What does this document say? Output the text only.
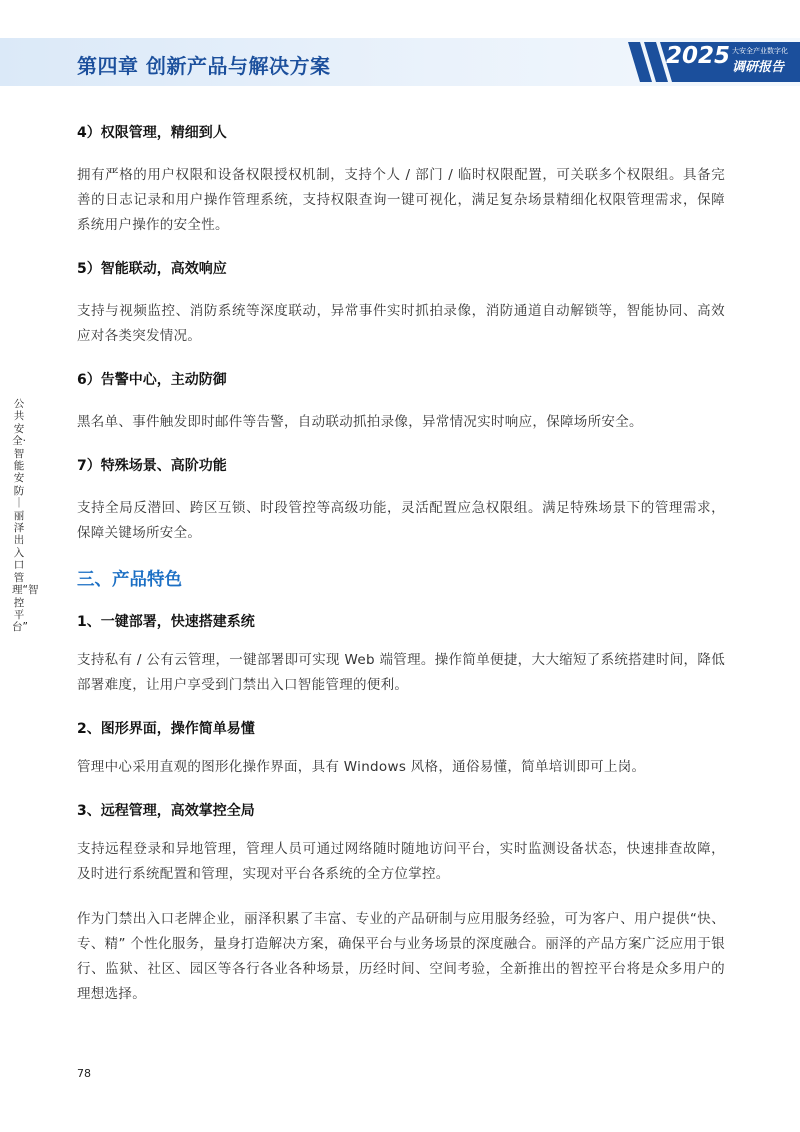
第四章 创新产品与解决方案	2025 大安全产业数字化
调研报告
公共安全·智能安防｜丽泽出入口管理“智控平台”
4）权限管理，精细到人
拥有严格的用户权限和设备权限授权机制，支持个人 / 部门 / 临时权限配置，可关联多个权限组。具备完善的日志记录和用户操作管理系统，支持权限查询一键可视化，满足复杂场景精细化权限管理需求，保障系统用户操作的安全性。
5）智能联动，高效响应
支持与视频监控、消防系统等深度联动，异常事件实时抓拍录像，消防通道自动解锁等，智能协同、高效应对各类突发情况。
6）告警中心，主动防御
黑名单、事件触发即时邮件等告警，自动联动抓拍录像，异常情况实时响应，保障场所安全。
7）特殊场景、高阶功能
支持全局反潜回、跨区互锁、时段管控等高级功能，灵活配置应急权限组。满足特殊场景下的管理需求，保障关键场所安全。
三、产品特色
1、一键部署，快速搭建系统
支持私有 / 公有云管理，一键部署即可实现 Web 端管理。操作简单便捷，大大缩短了系统搭建时间，降低部署难度，让用户享受到门禁出入口智能管理的便利。
2、图形界面，操作简单易懂
管理中心采用直观的图形化操作界面，具有 Windows 风格，通俗易懂，简单培训即可上岗。
3、远程管理，高效掌控全局
支持远程登录和异地管理，管理人员可通过网络随时随地访问平台，实时监测设备状态，快速排查故障，及时进行系统配置和管理，实现对平台各系统的全方位掌控。
作为门禁出入口老牌企业，丽泽积累了丰富、专业的产品研制与应用服务经验，可为客户、用户提供“快、专、精” 个性化服务，量身打造解决方案，确保平台与业务场景的深度融合。丽泽的产品方案广泛应用于银行、监狱、社区、园区等各行各业各种场景，历经时间、空间考验，全新推出的智控平台将是众多用户的理想选择。
78
